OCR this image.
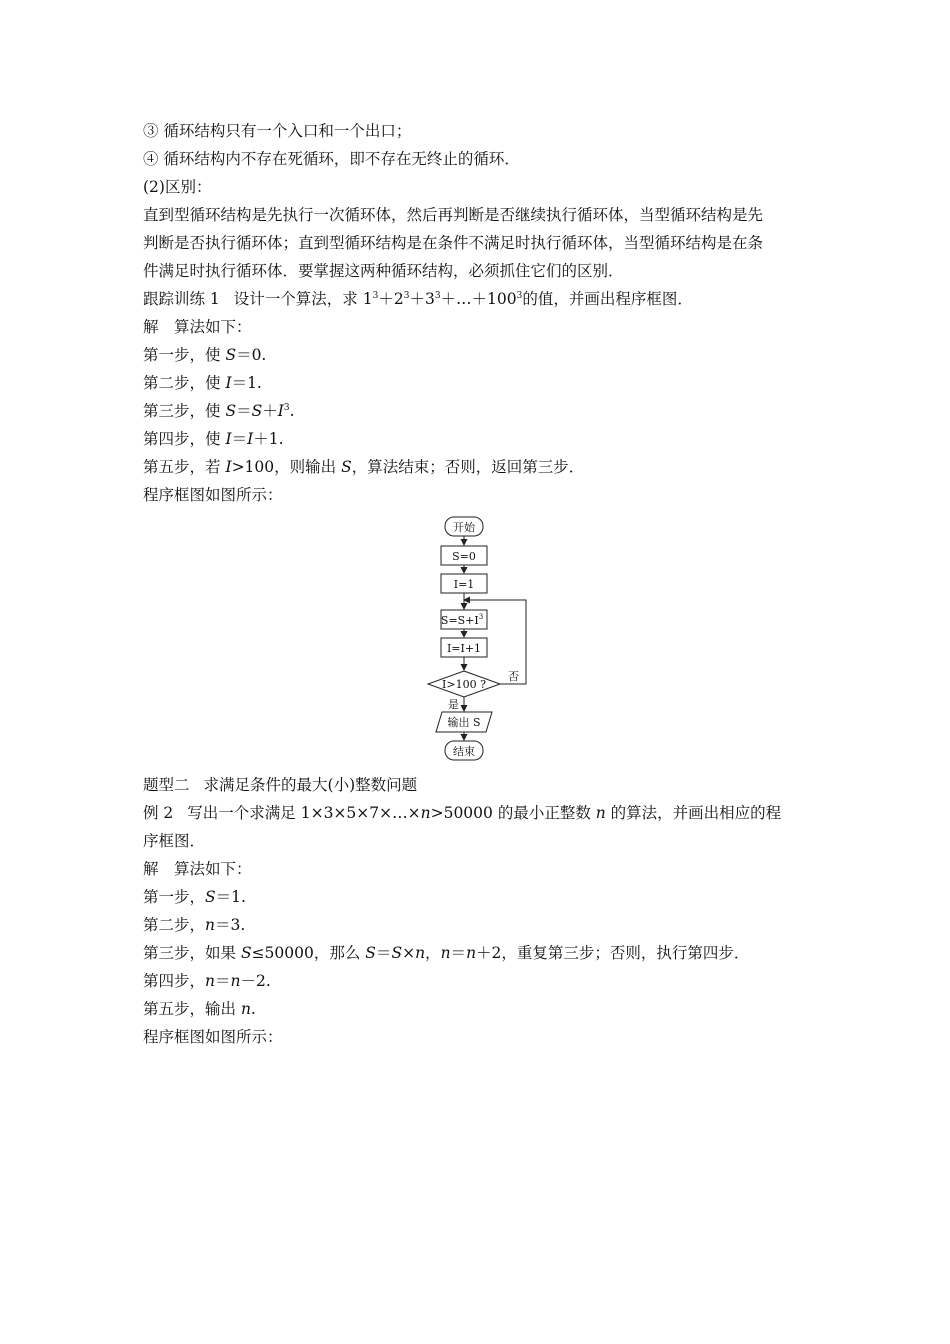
③ 循环结构只有一个入口和一个出口；
④ 循环结构内不存在死循环，即不存在无终止的循环．
(2)区别：
直到型循环结构是先执行一次循环体，然后再判断是否继续执行循环体，当型循环结构是先
判断是否执行循环体；直到型循环结构是在条件不满足时执行循环体，当型循环结构是在条
件满足时执行循环体．要掌握这两种循环结构，必须抓住它们的区别．
跟踪训练 1 设计一个算法，求 $1^3+2^3+3^3+\dots+100^3$的值，并画出程序框图．
解　算法如下：
第一步，使 S＝0.
第二步，使 I＝1.
第三步，使 $S=S+I^3$.
第四步，使 I＝I＋1.
第五步，若 I>100，则输出 S，算法结束；否则，返回第三步．
程序框图如图所示：
开始
S=0
I=1
$S=S+I^3$
I=I+1
I>100 ?
否
是
输出 S
结束
题型二 求满足条件的最大(小)整数问题
例 2 写出一个求满足 1×3×5×7×…×n>50000 的最小正整数 n 的算法，并画出相应的程
序框图．
解　算法如下：
第一步，S＝1.
第二步，n＝3.
第三步，如果 S≤50000，那么 S＝S×n，n＝n＋2，重复第三步；否则，执行第四步．
第四步，n＝n－2.
第五步，输出 n.
程序框图如图所示：
